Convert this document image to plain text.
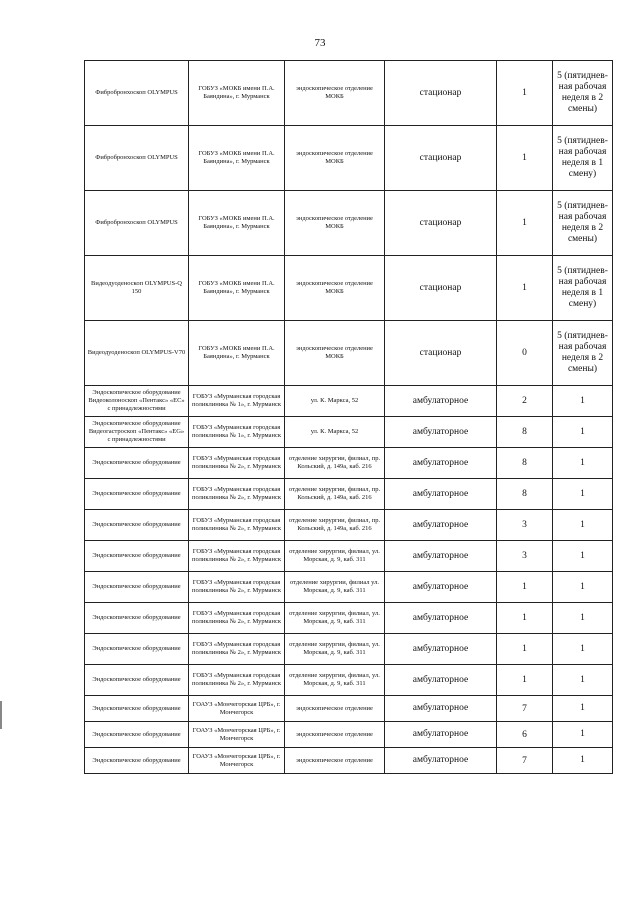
73
Фибробронхоскоп OLYMPUS	ГОБУЗ «МОКБ имени П.А. Баяндина», г. Мурманск	эндоскопическое отделение МОКБ	стационар	1	5 (пятиднев-ная рабочая неделя в 2 смены)
Фибробронхоскоп OLYMPUS	ГОБУЗ «МОКБ имени П.А. Баяндина», г. Мурманск	эндоскопическое отделение МОКБ	стационар	1	5 (пятиднев-ная рабочая неделя в 1 смену)
Фибробронхоскоп OLYMPUS	ГОБУЗ «МОКБ имени П.А. Баяндина», г. Мурманск	эндоскопическое отделение МОКБ	стационар	1	5 (пятиднев-ная рабочая неделя в 2 смены)
Видеодуоденоскоп OLYMPUS-Q 150	ГОБУЗ «МОКБ имени П.А. Баяндина», г. Мурманск	эндоскопическое отделение МОКБ	стационар	1	5 (пятиднев-ная рабочая неделя в 1 смену)
Видеодуоденоскоп OLYMPUS-V70	ГОБУЗ «МОКБ имени П.А. Баяндина», г. Мурманск	эндоскопическое отделение МОКБ	стационар	0	5 (пятиднев-ная рабочая неделя в 2 смены)
Эндоскопическое оборудование Видеоколоноскоп «Пентакс» «ЕС» с принадлежностями	ГОБУЗ «Мурманская городская поликлиника № 1», г. Мурманск	ул. К. Маркса, 52	амбулаторное	2	1
Эндоскопическое оборудование Видеогастроскоп «Пентакс» «ЕG» с принадлежностями	ГОБУЗ «Мурманская городская поликлиника № 1», г. Мурманск	ул. К. Маркса, 52	амбулаторное	8	1
Эндоскопическое оборудование	ГОБУЗ «Мурманская городская поликлиника № 2», г. Мурманск	отделение хирургии, филиал, пр. Кольский, д. 149а, каб. 216	амбулаторное	8	1
Эндоскопическое оборудование	ГОБУЗ «Мурманская городская поликлиника № 2», г. Мурманск	отделение хирургии, филиал, пр. Кольский, д. 149а, каб. 216	амбулаторное	8	1
Эндоскопическое оборудование	ГОБУЗ «Мурманская городская поликлиника № 2», г. Мурманск	отделение хирургии, филиал, пр. Кольский, д. 149а, каб. 216	амбулаторное	3	1
Эндоскопическое оборудование	ГОБУЗ «Мурманская городская поликлиника № 2», г. Мурманск	отделение хирургии, филиал, ул. Морская, д. 9, каб. 311	амбулаторное	3	1
Эндоскопическое оборудование	ГОБУЗ «Мурманская городская поликлиника № 2», г. Мурманск	отделение хирургии, филиал ул. Морская, д. 9, каб. 311	амбулаторное	1	1
Эндоскопическое оборудование	ГОБУЗ «Мурманская городская поликлиника № 2», г. Мурманск	отделение хирургии, филиал, ул. Морская, д. 9, каб. 311	амбулаторное	1	1
Эндоскопическое оборудование	ГОБУЗ «Мурманская городская поликлиника № 2», г. Мурманск	отделение хирургии, филиал, ул. Морская, д. 9, каб. 311	амбулаторное	1	1
Эндоскопическое оборудование	ГОБУЗ «Мурманская городская поликлиника № 2», г. Мурманск	отделение хирургии, филиал, ул. Морская, д. 9, каб. 311	амбулаторное	1	1
Эндоскопическое оборудование	ГОАУЗ «Мончегорская ЦРБ», г. Мончегорск	эндоскопическое отделение	амбулаторное	7	1
Эндоскопическое оборудование	ГОАУЗ «Мончегорская ЦРБ», г. Мончегорск	эндоскопическое отделение	амбулаторное	6	1
Эндоскопическое оборудование	ГОАУЗ «Мончегорская ЦРБ», г. Мончегорск	эндоскопическое отделение	амбулаторное	7	1
